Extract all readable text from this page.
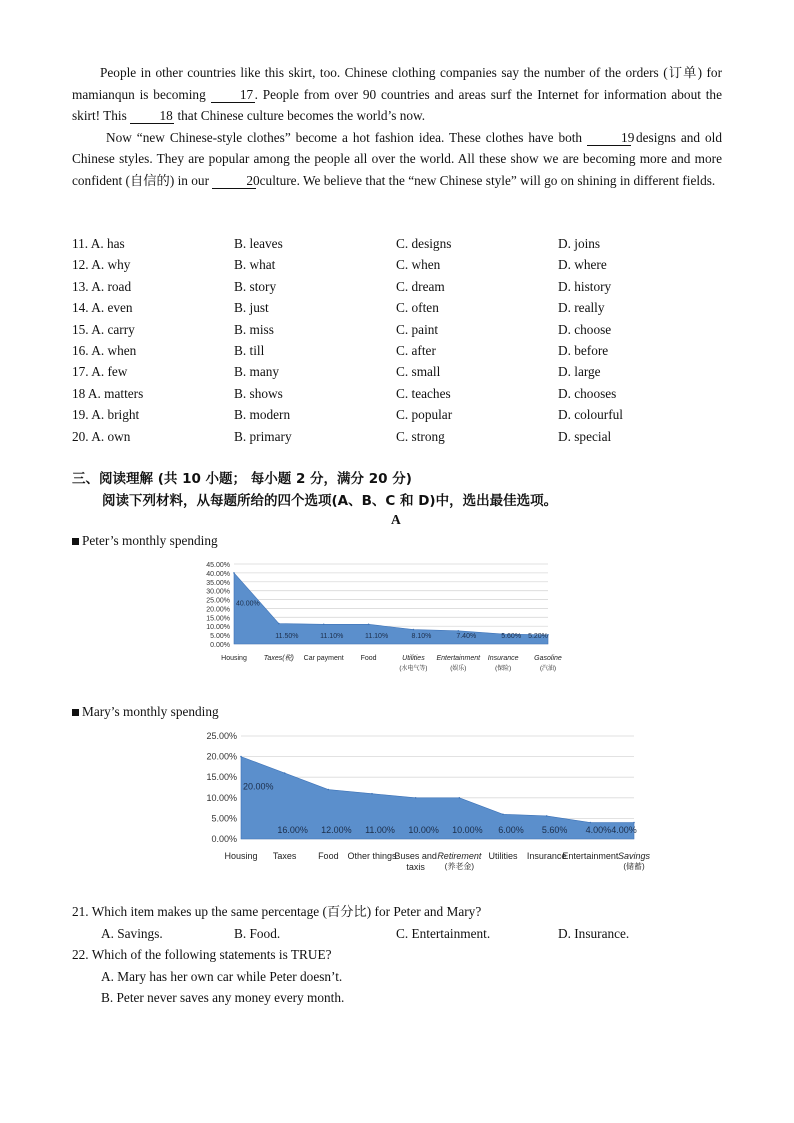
People in other countries like this skirt, too. Chinese clothing companies say the number of the orders (订单) for mamianqun is becoming 17. People from over 90 countries and areas surf the Internet for information about the skirt! This 18 that Chinese culture becomes the world’s now.

Now “new Chinese-style clothes” become a hot fashion idea. These clothes have both	19 designs and old Chinese styles. They are popular among the people all over the world. All these show we are becoming more and more confident (自信的) in our	20 culture. We believe that the “new Chinese style” will go on shining in different fields.

11. A. has	B. leaves	C. designs	D. joins
12. A. why	B. what	C. when	D. where
13. A. road	B. story	C. dream	D. history
14. A. even	B. just	C. often	D. really
15. A. carry	B. miss	C. paint	D. choose
16. A. when	B. till	C. after	D. before
17. A. few	B. many	C. small	D. large
18 A. matters	B. shows	C. teaches	D. chooses
19. A. bright	B. modern	C. popular	D. colourful
20. A. own	B. primary	C. strong	D. special
三、阅读理解 (共 10 小题； 每小题 2 分，满分 20 分)
阅读下列材料，从每题所给的四个选项(A、B、C 和 D)中，选出最佳选项。
A
Peter’s monthly spending
0.00%
5.00%
10.00%
15.00%
20.00%
25.00%
30.00%
35.00%
40.00%
45.00%
40.00%
Housing
11.50%
Taxes(税)
11.10%
Car payment
11.10%
Food
8.10%
Utilities
(水电气等)
7.40%
Entertainment
(娱乐)
5.60%
Insurance
(保险)
5.20%
Gasoline
(汽油)
Mary’s monthly spending
0.00%
5.00%
10.00%
15.00%
20.00%
25.00%
20.00%
Housing
16.00%
Taxes
12.00%
Food
11.00%
Other things
10.00%
Buses and
taxis
10.00%
Retirement
(养老金)
6.00%
Utilities
5.60%
Insurance
4.00%
Entertainment
4.00%
Savings
(储蓄)
21. Which item makes up the same percentage (百分比) for Peter and Mary?
A. Savings.	B. Food.	C. Entertainment.	D. Insurance.
22. Which of the following statements is TRUE?
A. Mary has her own car while Peter doesn’t.
B. Peter never saves any money every month.
